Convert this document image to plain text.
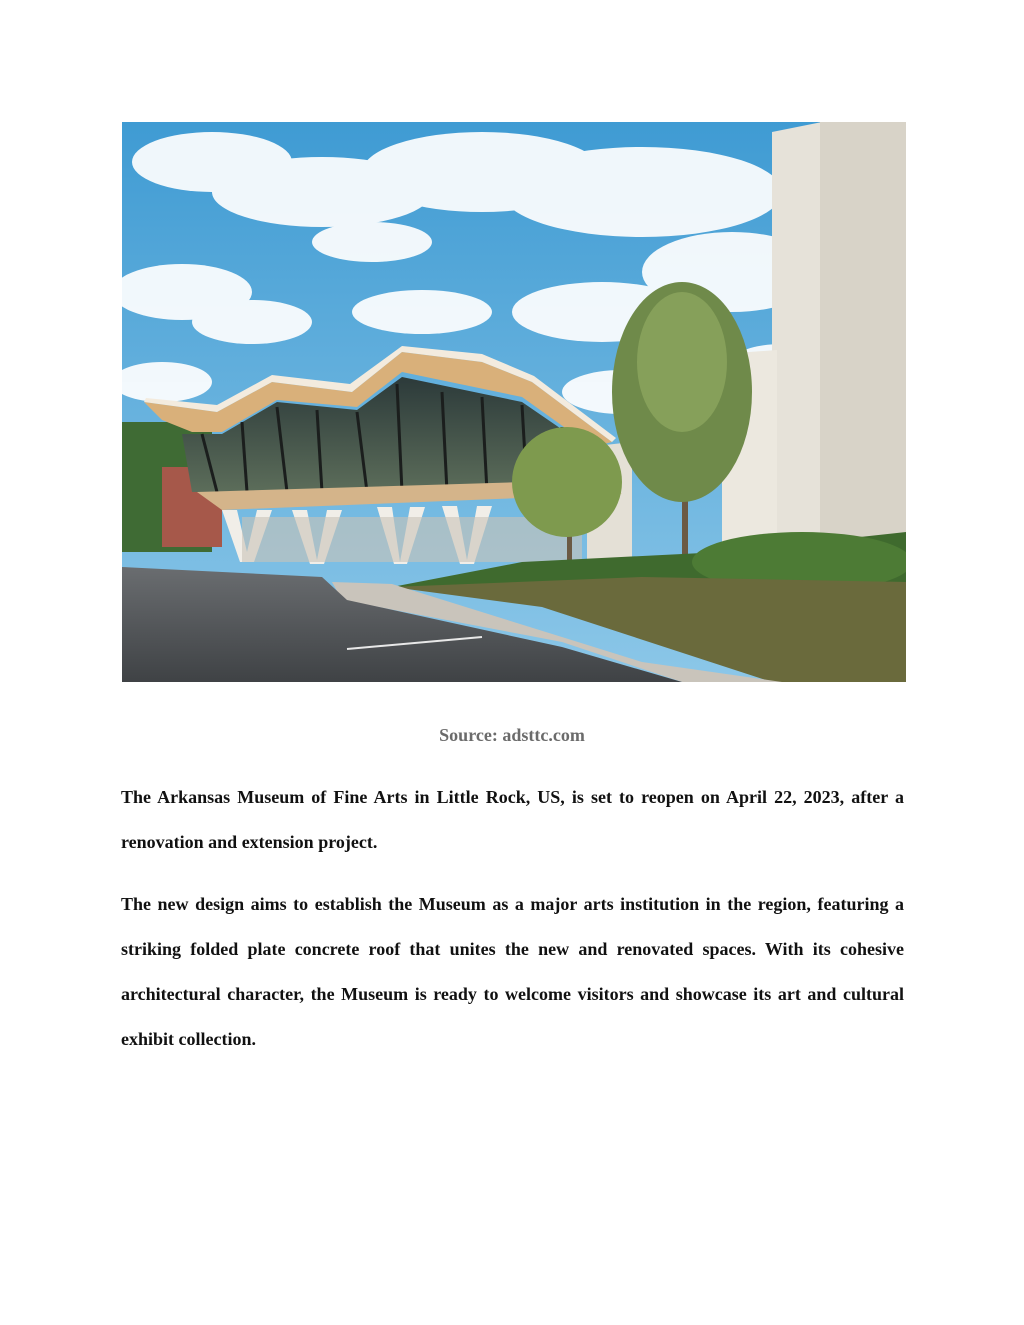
Source: adsttc.com

The Arkansas Museum of Fine Arts in Little Rock, US, is set to reopen on April 22, 2023, after a renovation and extension project.

The new design aims to establish the Museum as a major arts institution in the region, featuring a striking folded plate concrete roof that unites the new and renovated spaces. With its cohesive architectural character, the Museum is ready to welcome visitors and showcase its art and cultural exhibit collection.
